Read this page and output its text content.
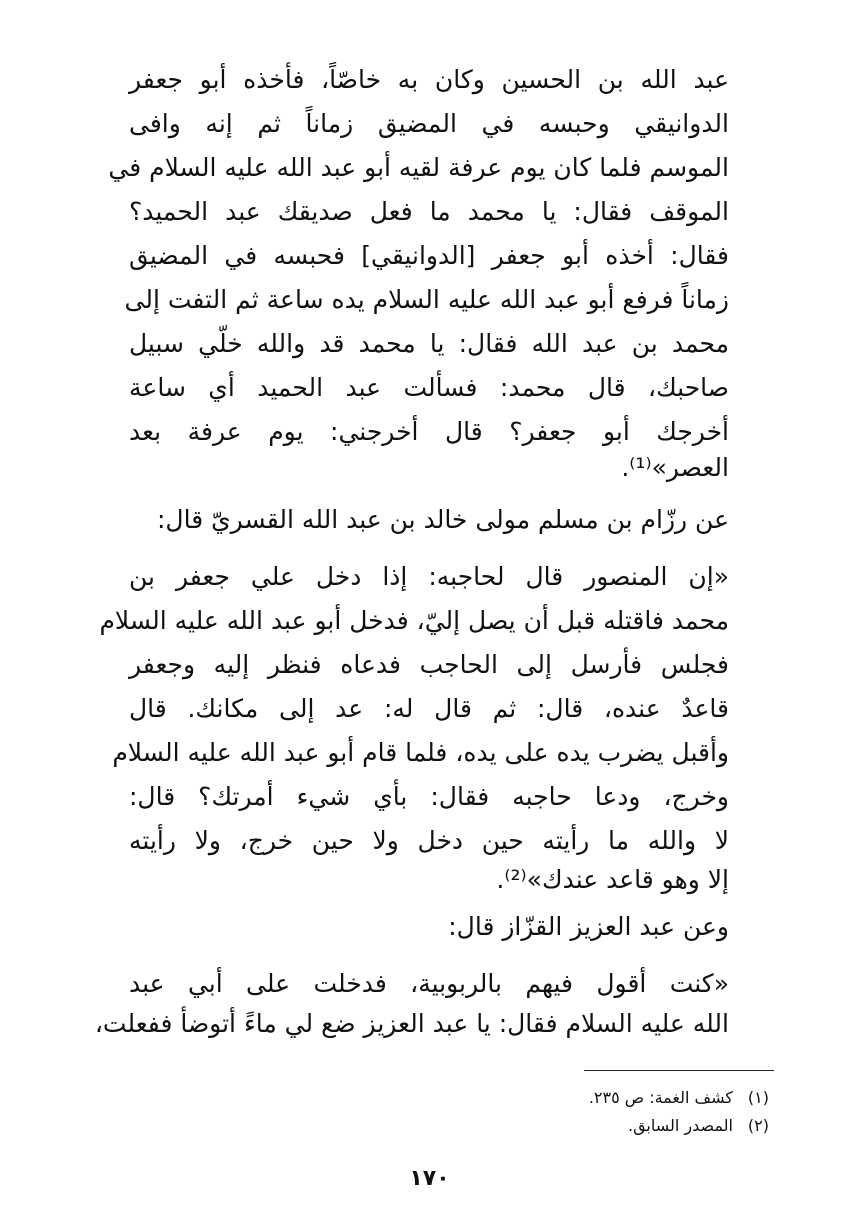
عبد الله بن الحسين وكان به خاصّاً، فأخذه أبو جعفر
الدوانيقي وحبسه في المضيق زماناً ثم إنه وافى
الموسم فلما كان يوم عرفة لقيه أبو عبد الله عليه السلام في
الموقف فقال: يا محمد ما فعل صديقك عبد الحميد؟
فقال: أخذه أبو جعفر [الدوانيقي] فحبسه في المضيق
زماناً فرفع أبو عبد الله عليه السلام يده ساعة ثم التفت إلى
محمد بن عبد الله فقال: يا محمد قد والله خلّي سبيل
صاحبك، قال محمد: فسألت عبد الحميد أي ساعة
أخرجك أبو جعفر؟ قال أخرجني: يوم عرفة بعد
العصر»⁽¹⁾.
عن رزّام بن مسلم مولى خالد بن عبد الله القسريّ قال:
«إن المنصور قال لحاجبه: إذا دخل علي جعفر بن
محمد فاقتله قبل أن يصل إليّ، فدخل أبو عبد الله عليه السلام
فجلس فأرسل إلى الحاجب فدعاه فنظر إليه وجعفر
قاعدٌ عنده، قال: ثم قال له: عد إلى مكانك. قال
وأقبل يضرب يده على يده، فلما قام أبو عبد الله عليه السلام
وخرج، ودعا حاجبه فقال: بأي شيء أمرتك؟ قال:
لا والله ما رأيته حين دخل ولا حين خرج، ولا رأيته
إلا وهو قاعد عندك»⁽²⁾.
وعن عبد العزيز القزّاز قال:
«كنت أقول فيهم بالربوبية، فدخلت على أبي عبد
الله عليه السلام فقال: يا عبد العزيز ضع لي ماءً أتوضأ ففعلت،
(١)كشف الغمة: ص ٢٣٥.
(٢)المصدر السابق.
١٧٠
